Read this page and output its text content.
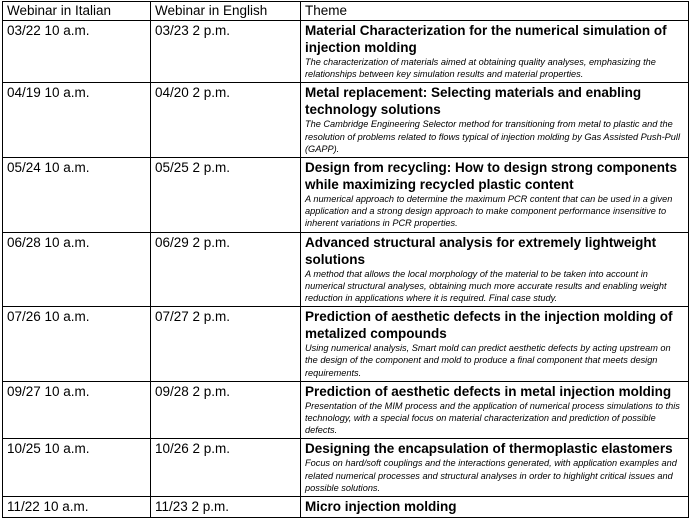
Webinar in Italian	Webinar in English	Theme
03/22 10 a.m.	03/23 2 p.m.	Material Characterization for the numerical simulation of injection molding
The characterization of materials aimed at obtaining quality analyses, emphasizing the relationships between key simulation results and material properties.

04/19 10 a.m.	04/20 2 p.m.	Metal replacement: Selecting materials and enabling technology solutions
The Cambridge Engineering Selector method for transitioning from metal to plastic and the resolution of problems related to flows typical of injection molding by Gas Assisted Push-Pull (GAPP).

05/24 10 a.m.	05/25 2 p.m.	Design from recycling: How to design strong components while maximizing recycled plastic content
A numerical approach to determine the maximum PCR content that can be used in a given application and a strong design approach to make component performance insensitive to inherent variations in PCR properties.

06/28 10 a.m.	06/29 2 p.m.	Advanced structural analysis for extremely lightweight solutions
A method that allows the local morphology of the material to be taken into account in numerical structural analyses, obtaining much more accurate results and enabling weight reduction in applications where it is required. Final case study.

07/26 10 a.m.	07/27 2 p.m.	Prediction of aesthetic defects in the injection molding of metalized compounds
Using numerical analysis, Smart mold can predict aesthetic defects by acting upstream on the design of the component and mold to produce a final component that meets design requirements.

09/27 10 a.m.	09/28 2 p.m.	Prediction of aesthetic defects in metal injection molding
Presentation of the MIM process and the application of numerical process simulations to this technology, with a special focus on material characterization and prediction of possible defects.

10/25 10 a.m.	10/26 2 p.m.	Designing the encapsulation of thermoplastic elastomers
Focus on hard/soft couplings and the interactions generated, with application examples and related numerical processes and structural analyses in order to highlight critical issues and possible solutions.

11/22 10 a.m.	11/23 2 p.m.	Micro injection molding
